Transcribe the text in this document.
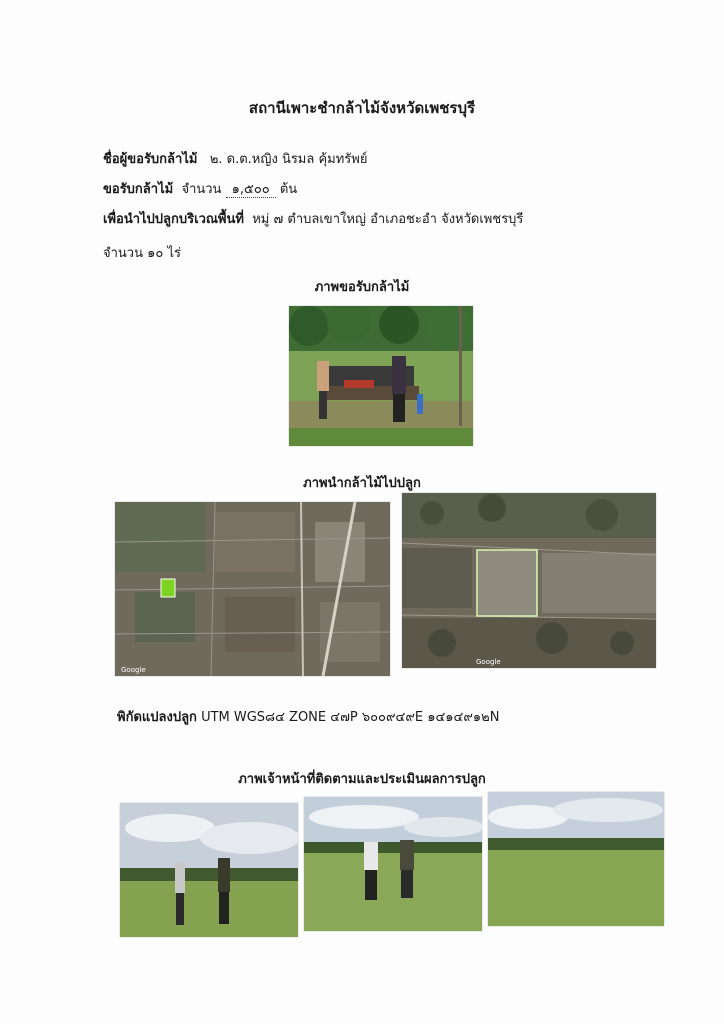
สถานีเพาะชำกล้าไม้จังหวัดเพชรบุรี
ชื่อผู้ขอรับกล้าไม้ ๒. ด.ต.หญิง นิรมล คุ้มทรัพย์
ขอรับกล้าไม้ จำนวน ๑,๕๐๐ ต้น
เพื่อนำไปปลูกบริเวณพื้นที่ หมู่ ๗ ตำบลเขาใหญ่ อำเภอชะอำ จังหวัดเพชรบุรี
จำนวน ๑๐ ไร่
ภาพขอรับกล้าไม้
ภาพนำกล้าไม้ไปปลูก
Google
Google
พิกัดแปลงปลูก UTM WGS๘๔ ZONE ๔๗P ๖๐๐๙๔๙E ๑๔๑๔๙๑๒N
ภาพเจ้าหน้าที่ติดตามและประเมินผลการปลูก
